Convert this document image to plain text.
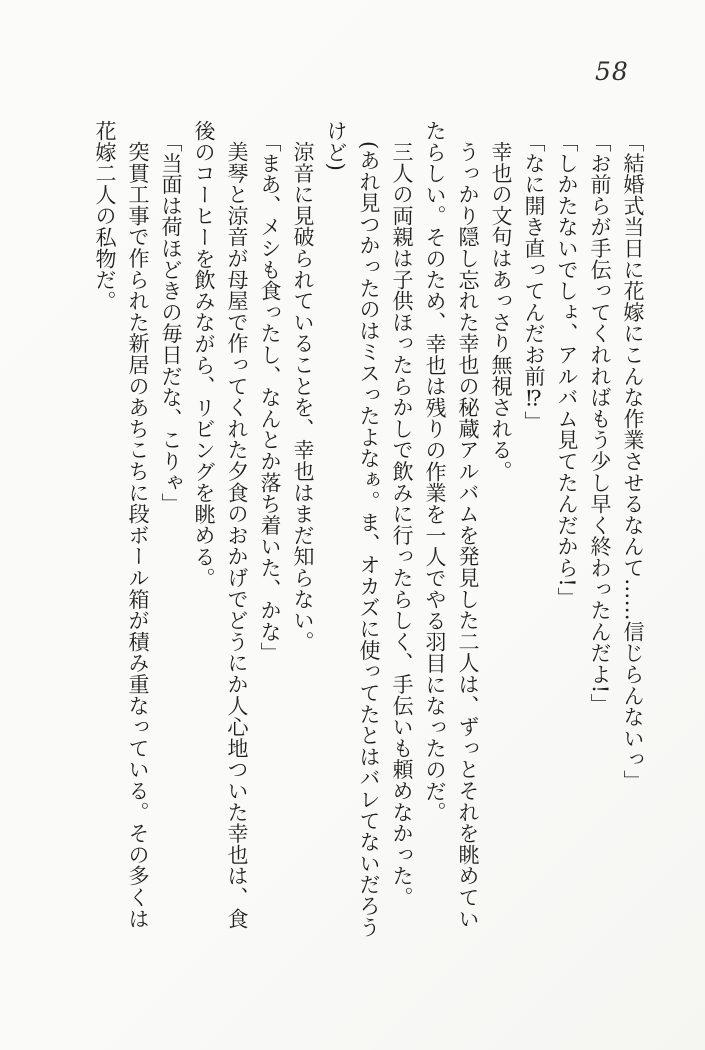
58

「結婚式当日に花嫁にこんな作業させるなんて……信じらんないっ」

「お前らが手伝ってくれればもう少し早く終わったんだよ!」

「しかたないでしょ、アルバム見てたんだから!」

「なに開き直ってんだお前⁉」

幸也の文句はあっさり無視される。

うっかり隠し忘れた幸也の秘蔵アルバムを発見した二人は、ずっとそれを眺めてい

たらしい。そのため、幸也は残りの作業を一人でやる羽目になったのだ。

三人の両親は子供ほったらかしで飲みに行ったらしく、手伝いも頼めなかった。

(あれ見つかったのはミスったよなぁ。ま、オカズに使ってたとはバレてないだろう

けど)

涼音に見破られていることを、幸也はまだ知らない。

「まあ、メシも食ったし、なんとか落ち着いた、かな」

美琴と涼音が母屋で作ってくれた夕食のおかげでどうにか人心地ついた幸也は、食

後のコーヒーを飲みながら、リビングを眺める。

「当面は荷ほどきの毎日だな、こりゃ」

突貫工事で作られた新居のあちこちに段ボール箱が積み重なっている。その多くは

花嫁二人の私物だ。
